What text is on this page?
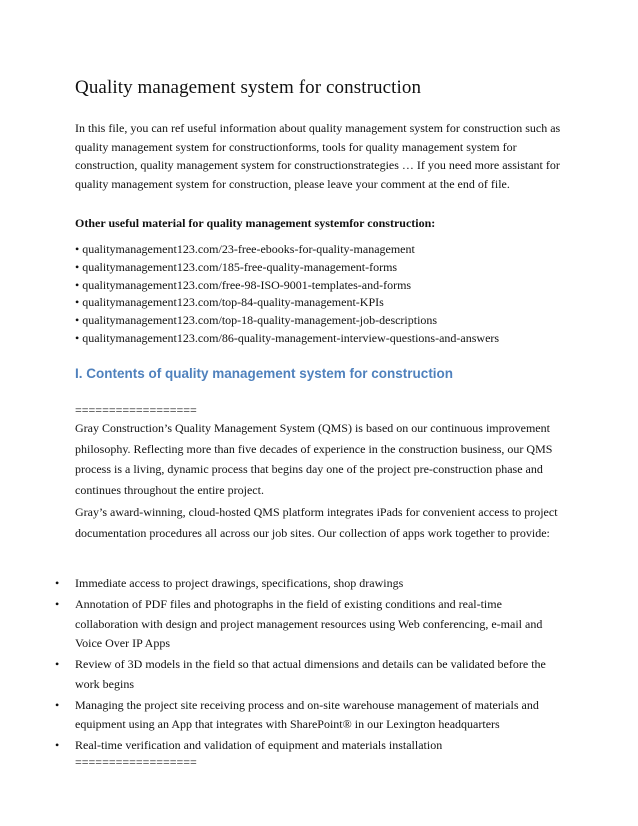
Quality management system for construction
In this file, you can ref useful information about quality management system for construction such as quality management system for constructionforms, tools for quality management system for construction, quality management system for constructionstrategies … If you need more assistant for quality management system for construction, please leave your comment at the end of file.
Other useful material for quality management systemfor construction:
• qualitymanagement123.com/23-free-ebooks-for-quality-management
• qualitymanagement123.com/185-free-quality-management-forms
• qualitymanagement123.com/free-98-ISO-9001-templates-and-forms
• qualitymanagement123.com/top-84-quality-management-KPIs
• qualitymanagement123.com/top-18-quality-management-job-descriptions
• qualitymanagement123.com/86-quality-management-interview-questions-and-answers
I. Contents of quality management system for construction
==================
Gray Construction’s Quality Management System (QMS) is based on our continuous improvement philosophy. Reflecting more than five decades of experience in the construction business, our QMS process is a living, dynamic process that begins day one of the project pre-construction phase and continues throughout the entire project.
Gray’s award-winning, cloud-hosted QMS platform integrates iPads for convenient access to project documentation procedures all across our job sites. Our collection of apps work together to provide:
• Immediate access to project drawings, specifications, shop drawings
• Annotation of PDF files and photographs in the field of existing conditions and real-time collaboration with design and project management resources using Web conferencing, e-mail and Voice Over IP Apps
• Review of 3D models in the field so that actual dimensions and details can be validated before the work begins
• Managing the project site receiving process and on-site warehouse management of materials and equipment using an App that integrates with SharePoint® in our Lexington headquarters
• Real-time verification and validation of equipment and materials installation
==================
